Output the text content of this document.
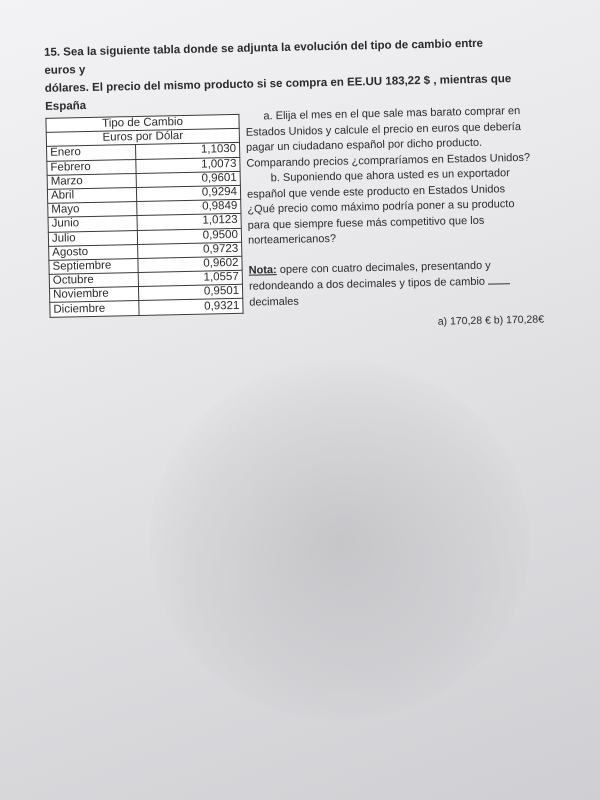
15. Sea la siguiente tabla donde se adjunta la evolución del tipo de cambio entre euros y

dólares. El precio del mismo producto si se compra en EE.UU 183,22 $ , mientras que España

Tipo de Cambio	
Euros por Dólar	
Enero	1,1030
Febrero	1,0073
Marzo	0,9601
Abril	0,9294
Mayo	0,9849
Junio	1,0123
Julio	0,9500
Agosto	0,9723
Septiembre	0,9602
Octubre	1,0557
Noviembre	0,9501
Diciembre	0,9321

a. Elija el mes en el que sale mas barato comprar en

Estados Unidos y calcule el precio en euros que debería

pagar un ciudadano español por dicho producto.

Comparando precios ¿compraríamos en Estados Unidos?

b. Suponiendo que ahora usted es un exportador

español que vende este producto en Estados Unidos

¿Qué precio como máximo podría poner a su producto

para que siempre fuese más competitivo que los

norteamericanos?

Nota: opere con cuatro decimales, presentando y

redondeando a dos decimales y tipos de cambio

decimales

a) 170,28 € b) 170,28€
